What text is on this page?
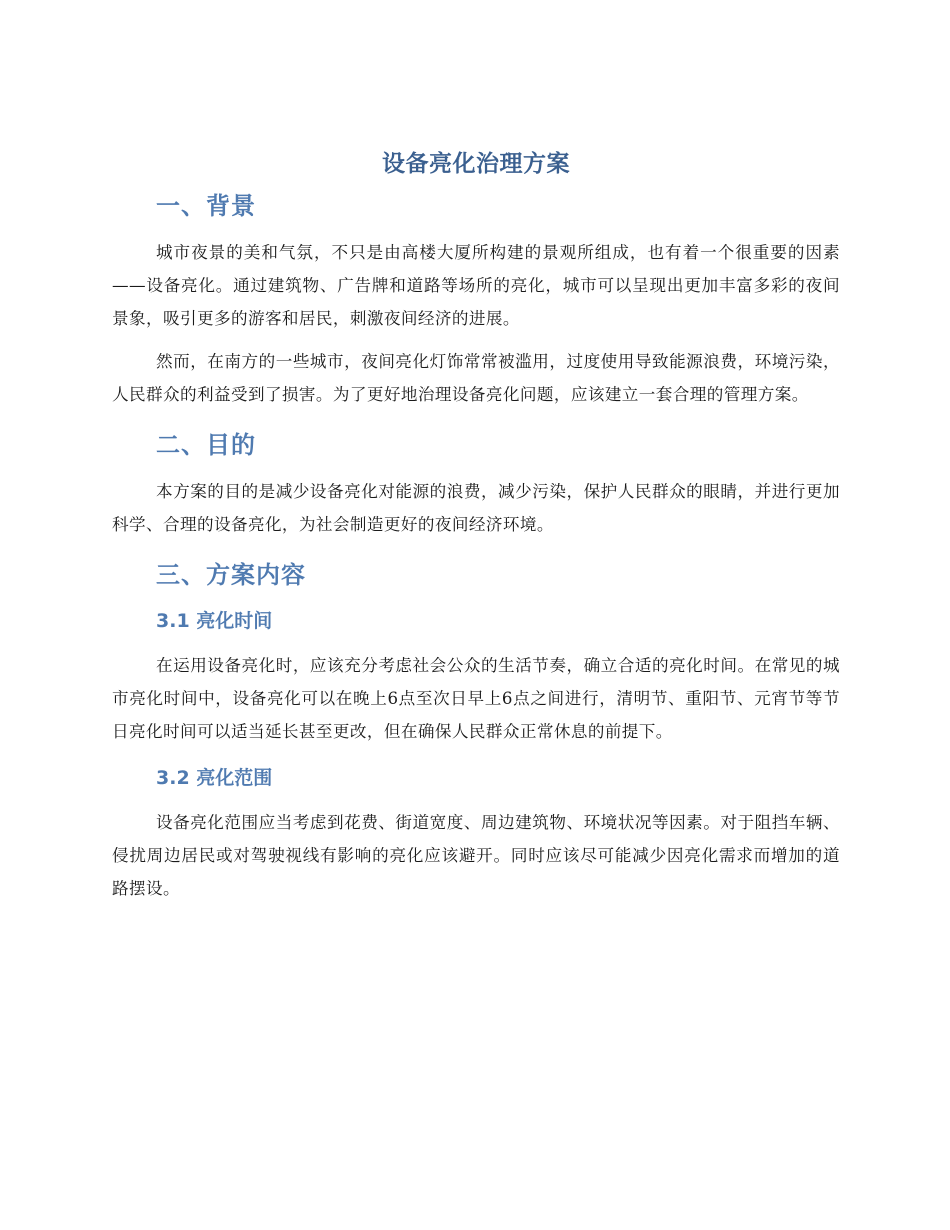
设备亮化治理方案
一、背景

城市夜景的美和气氛，不只是由高楼大厦所构建的景观所组成，也有着一个很重要的因素——设备亮化。通过建筑物、广告牌和道路等场所的亮化，城市可以呈现出更加丰富多彩的夜间景象，吸引更多的游客和居民，刺激夜间经济的进展。

然而，在南方的一些城市，夜间亮化灯饰常常被滥用，过度使用导致能源浪费，环境污染，人民群众的利益受到了损害。为了更好地治理设备亮化问题，应该建立一套合理的管理方案。

二、目的

本方案的目的是减少设备亮化对能源的浪费，减少污染，保护人民群众的眼睛，并进行更加科学、合理的设备亮化，为社会制造更好的夜间经济环境。

三、方案内容
3.1 亮化时间

在运用设备亮化时，应该充分考虑社会公众的生活节奏，确立合适的亮化时间。在常见的城市亮化时间中，设备亮化可以在晚上6点至次日早上6点之间进行，清明节、重阳节、元宵节等节日亮化时间可以适当延长甚至更改，但在确保人民群众正常休息的前提下。

3.2 亮化范围

设备亮化范围应当考虑到花费、街道宽度、周边建筑物、环境状况等因素。对于阻挡车辆、侵扰周边居民或对驾驶视线有影响的亮化应该避开。同时应该尽可能减少因亮化需求而增加的道路摆设。
